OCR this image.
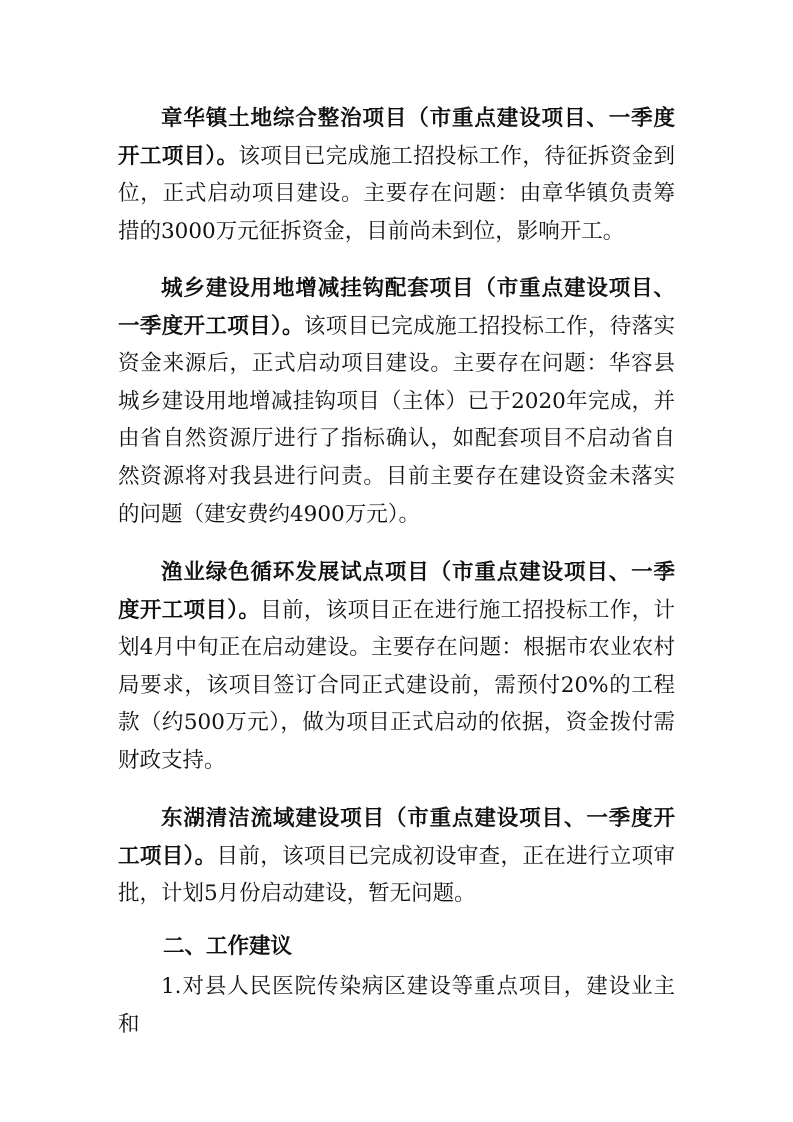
章华镇土地综合整治项目（市重点建设项目、一季度开工项目）。该项目已完成施工招投标工作，待征拆资金到位，正式启动项目建设。主要存在问题：由章华镇负责筹措的3000万元征拆资金，目前尚未到位，影响开工。

城乡建设用地增减挂钩配套项目（市重点建设项目、一季度开工项目）。该项目已完成施工招投标工作，待落实资金来源后，正式启动项目建设。主要存在问题：华容县城乡建设用地增减挂钩项目（主体）已于2020年完成，并由省自然资源厅进行了指标确认，如配套项目不启动省自然资源将对我县进行问责。目前主要存在建设资金未落实的问题（建安费约4900万元）。

渔业绿色循环发展试点项目（市重点建设项目、一季度开工项目）。目前，该项目正在进行施工招投标工作，计划4月中旬正在启动建设。主要存在问题：根据市农业农村局要求，该项目签订合同正式建设前，需预付20%的工程款（约500万元），做为项目正式启动的依据，资金拨付需财政支持。

东湖清洁流域建设项目（市重点建设项目、一季度开工项目）。目前，该项目已完成初设审查，正在进行立项审批，计划5月份启动建设，暂无问题。

二、工作建议

1.对县人民医院传染病区建设等重点项目，建设业主和
